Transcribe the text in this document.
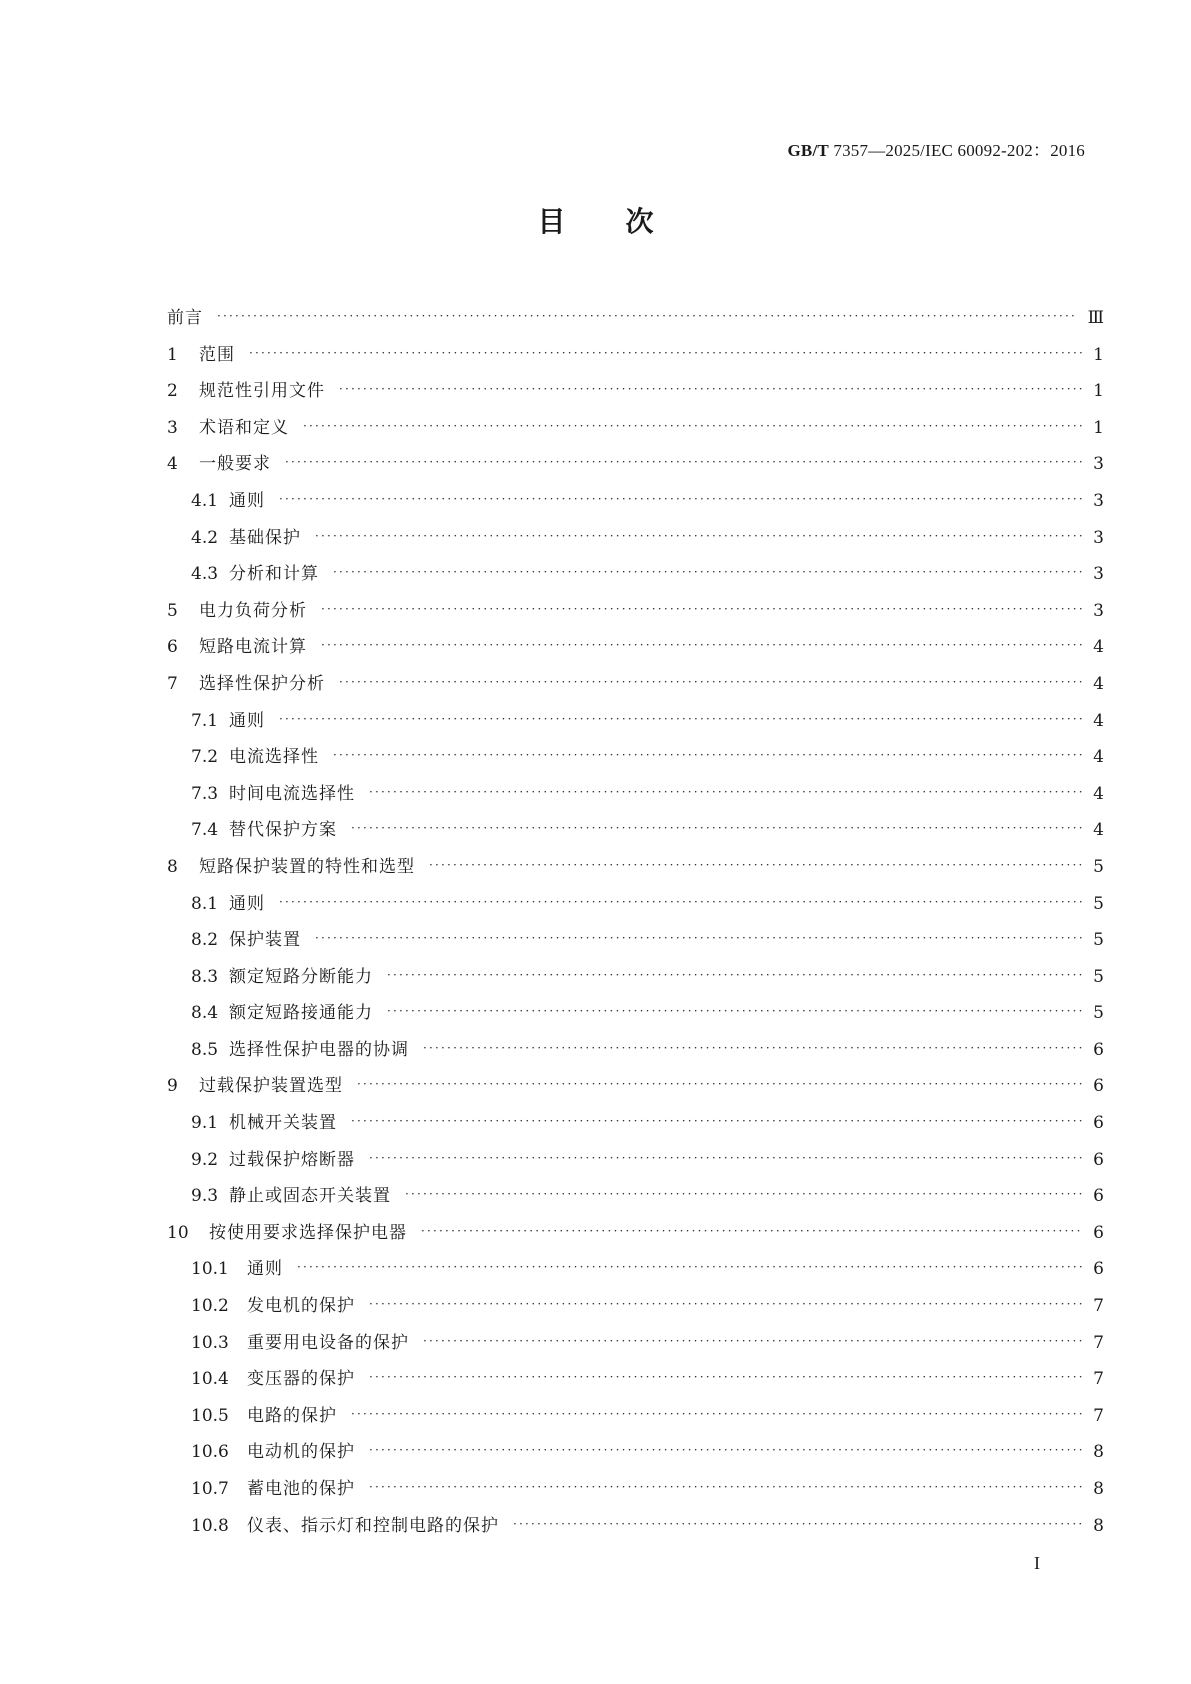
GB/T 7357—2025/IEC 60092-202：2016
目次
前言 ·····	Ⅲ
1	范围 ·····	1
2	规范性引用文件 ·····	1
3	术语和定义 ·····	1
4	一般要求 ·····	3
4.1 通则 ·····	3
4.2 基础保护 ·····	3
4.3 分析和计算 ·····	3
5	电力负荷分析 ·····	3
6	短路电流计算 ·····	4
7	选择性保护分析 ·····	4
7.1 通则 ·····	4
7.2 电流选择性 ·····	4
7.3 时间电流选择性 ·····	4
7.4 替代保护方案 ·····	4
8	短路保护装置的特性和选型 ·····	5
8.1 通则 ·····	5
8.2 保护装置 ·····	5
8.3 额定短路分断能力 ·····	5
8.4 额定短路接通能力 ·····	5
8.5 选择性保护电器的协调 ·····	6
9	过载保护装置选型 ·····	6
9.1 机械开关装置 ·····	6
9.2 过载保护熔断器 ·····	6
9.3 静止或固态开关装置 ·····	6
10	按使用要求选择保护电器 ·····	6
10.1	通则 ·····	6
10.2	发电机的保护 ·····	7
10.3	重要用电设备的保护 ·····	7
10.4	变压器的保护 ·····	7
10.5	电路的保护 ·····	7
10.6	电动机的保护 ·····	8
10.7	蓄电池的保护 ·····	8
10.8	仪表、指示灯和控制电路的保护 ·····	8
I
